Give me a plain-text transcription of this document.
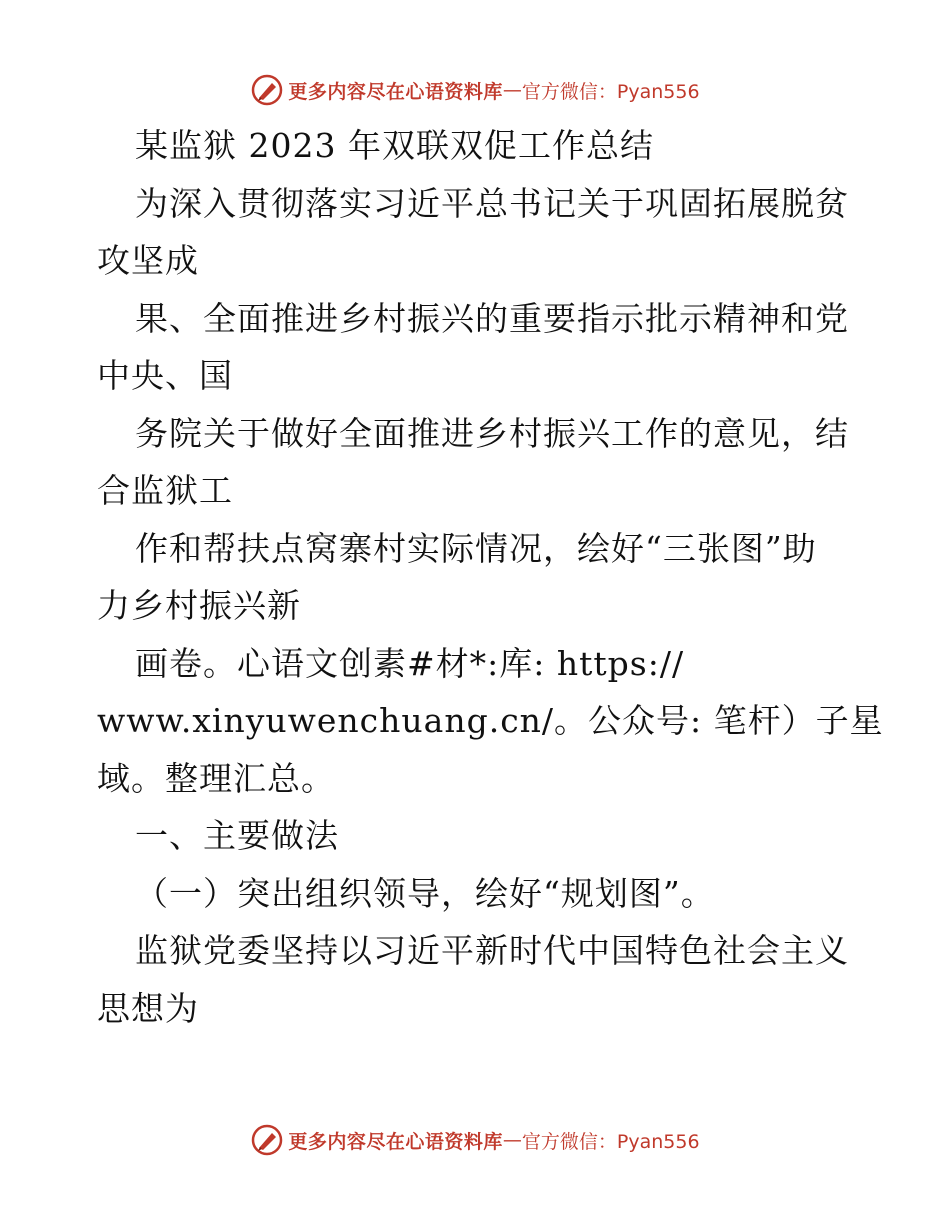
更多内容尽在心语资料库 — 官方微信：Pyan556
某监狱 2023 年双联双促工作总结
为深入贯彻落实习近平总书记关于巩固拓展脱贫
攻坚成
果、全面推进乡村振兴的重要指示批示精神和党
中央、国
务院关于做好全面推进乡村振兴工作的意见，结
合监狱工
作和帮扶点窝寨村实际情况，绘好“三张图”助
力乡村振兴新
画卷。心语文创素#材*:库: https://
www.xinyuwenchuang.cn/。公众号: 笔杆）子星
域。整理汇总。
一、主要做法
（一）突出组织领导，绘好“规划图”。
监狱党委坚持以习近平新时代中国特色社会主义
思想为
更多内容尽在心语资料库 — 官方微信：Pyan556
